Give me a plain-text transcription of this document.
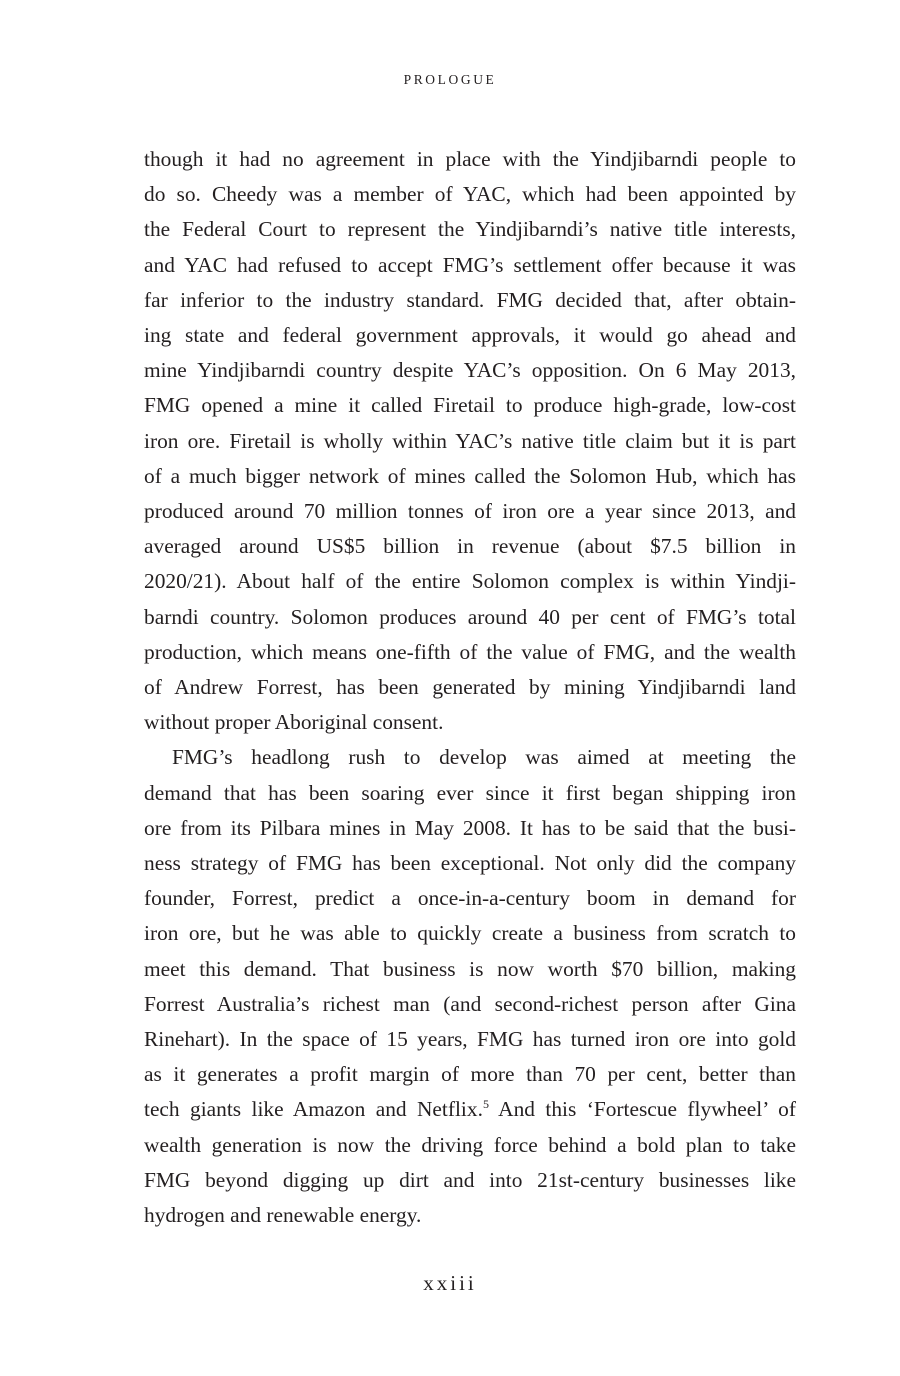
PROLOGUE
though it had no agreement in place with the Yindjibarndi people to
do so. Cheedy was a member of YAC, which had been appointed by
the Federal Court to represent the Yindjibarndi’s native title interests,
and YAC had refused to accept FMG’s settlement offer because it was
far inferior to the industry standard. FMG decided that, after obtain-
ing state and federal government approvals, it would go ahead and
mine Yindjibarndi country despite YAC’s opposition. On 6 May 2013,
FMG opened a mine it called Firetail to produce high-grade, low-cost
iron ore. Firetail is wholly within YAC’s native title claim but it is part
of a much bigger network of mines called the Solomon Hub, which has
produced around 70 million tonnes of iron ore a year since 2013, and
averaged around US$5 billion in revenue (about $7.5 billion in
2020/21). About half of the entire Solomon complex is within Yindji-
barndi country. Solomon produces around 40 per cent of FMG’s total
production, which means one-fifth of the value of FMG, and the wealth
of Andrew Forrest, has been generated by mining Yindjibarndi land
without proper Aboriginal consent.
FMG’s headlong rush to develop was aimed at meeting the
demand that has been soaring ever since it first began shipping iron
ore from its Pilbara mines in May 2008. It has to be said that the busi-
ness strategy of FMG has been exceptional. Not only did the company
founder, Forrest, predict a once-in-a-century boom in demand for
iron ore, but he was able to quickly create a business from scratch to
meet this demand. That business is now worth $70 billion, making
Forrest Australia’s richest man (and second-richest person after Gina
Rinehart). In the space of 15 years, FMG has turned iron ore into gold
as it generates a profit margin of more than 70 per cent, better than
tech giants like Amazon and Netflix.$^5$ And this ‘Fortescue flywheel’ of
wealth generation is now the driving force behind a bold plan to take
FMG beyond digging up dirt and into 21st-century businesses like
hydrogen and renewable energy.
xxiii
